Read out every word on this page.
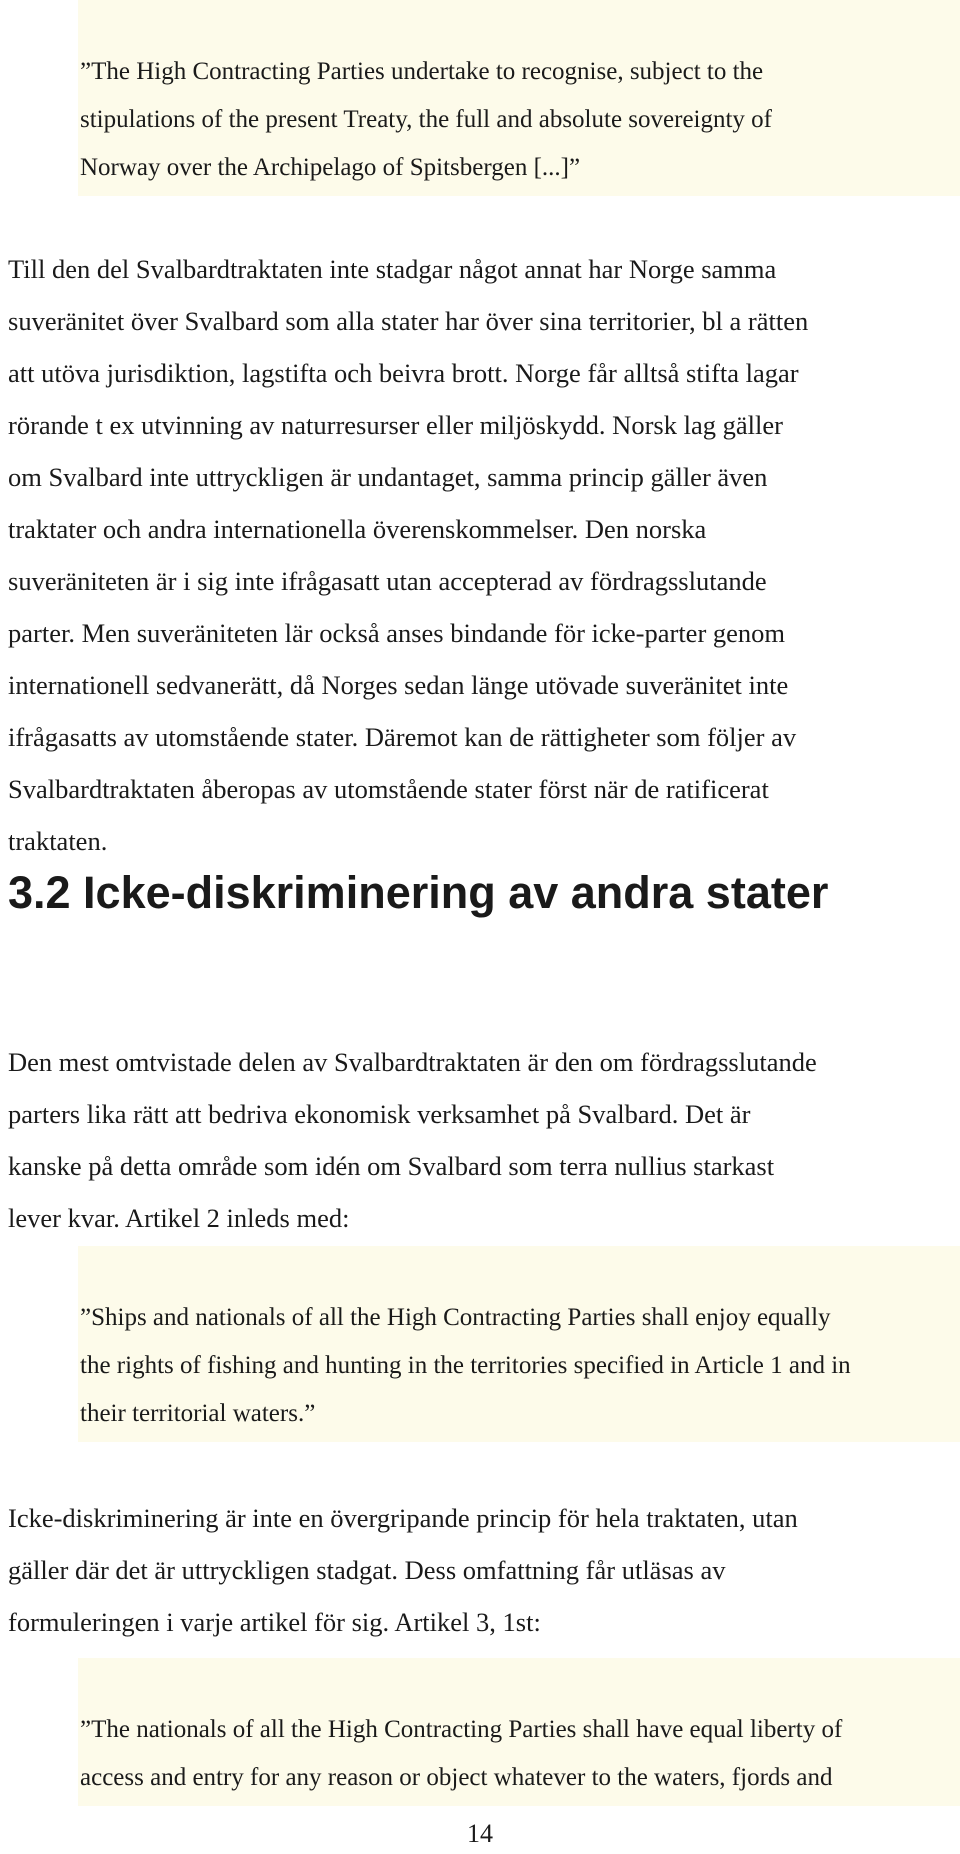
”The High Contracting Parties undertake to recognise, subject to the
stipulations of the present Treaty, the full and absolute sovereignty of
Norway over the Archipelago of Spitsbergen [...]”

Till den del Svalbardtraktaten inte stadgar något annat har Norge samma
suveränitet över Svalbard som alla stater har över sina territorier, bl a rätten
att utöva jurisdiktion, lagstifta och beivra brott. Norge får alltså stifta lagar
rörande t ex utvinning av naturresurser eller miljöskydd. Norsk lag gäller
om Svalbard inte uttryckligen är undantaget, samma princip gäller även
traktater och andra internationella överenskommelser. Den norska
suveräniteten är i sig inte ifrågasatt utan accepterad av fördragsslutande
parter. Men suveräniteten lär också anses bindande för icke-parter genom
internationell sedvanerätt, då Norges sedan länge utövade suveränitet inte
ifrågasatts av utomstående stater. Däremot kan de rättigheter som följer av
Svalbardtraktaten åberopas av utomstående stater först när de ratificerat
traktaten.

3.2 Icke-diskriminering av andra stater

Den mest omtvistade delen av Svalbardtraktaten är den om fördragsslutande
parters lika rätt att bedriva ekonomisk verksamhet på Svalbard. Det är
kanske på detta område som idén om Svalbard som terra nullius starkast
lever kvar. Artikel 2 inleds med:

”Ships and nationals of all the High Contracting Parties shall enjoy equally
the rights of fishing and hunting in the territories specified in Article 1 and in
their territorial waters.”

Icke-diskriminering är inte en övergripande princip för hela traktaten, utan
gäller där det är uttryckligen stadgat. Dess omfattning får utläsas av
formuleringen i varje artikel för sig. Artikel 3, 1st:

”The nationals of all the High Contracting Parties shall have equal liberty of
access and entry for any reason or object whatever to the waters, fjords and

14
